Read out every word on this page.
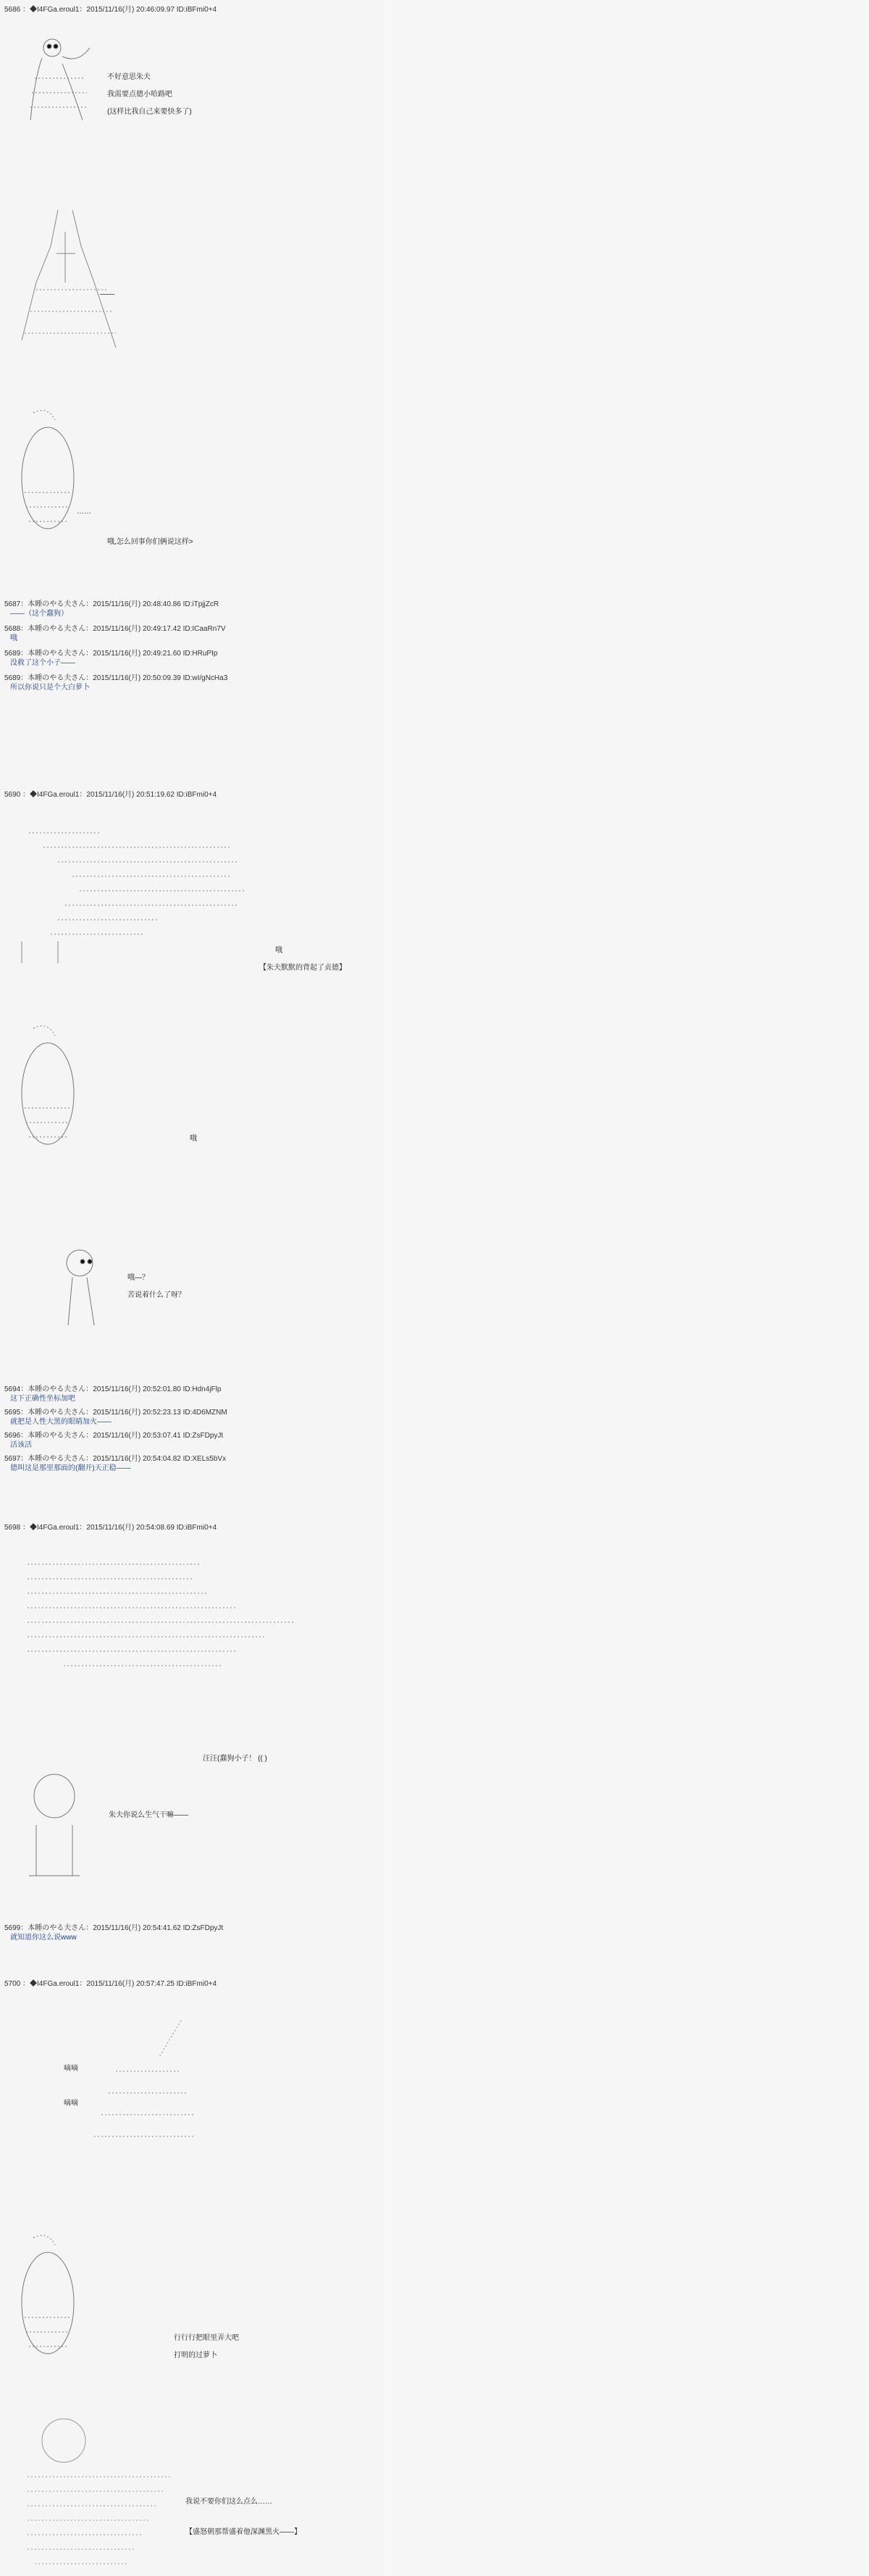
5686 ：◆I4FGa.eroul1：2015/11/16(月) 20:46:09.97 ID:iBFmi0+4
不好意思朱夫
我需要点德小哈路吧
(这样比我自己来要快多了)
——
……
哦,怎么回事你们俩说这样>
5687：本睡のやる夫さん：2015/11/16(月) 20:48:40.86 ID:iTpjjZcR
——（这个蠢狗）
5688：本睡のやる夫さん：2015/11/16(月) 20:49:17.42 ID:ICaaRn7V
哦
5689：本睡のやる夫さん：2015/11/16(月) 20:49:21.60 ID:HRuPIp
没救了这个小子——
5689：本睡のやる夫さん：2015/11/16(月) 20:50:09.39 ID:wI/gNcHa3
所以你说只是个大白萝卜
5690 ：◆I4FGa.eroul1：2015/11/16(月) 20:51:19.62 ID:iBFmi0+4
哦
【朱夫默默的背起了贞德】
哦
哦—？
苦说着什么了呀？
5694：本睡のやる夫さん：2015/11/16(月) 20:52:01.80 ID:Hdn4jFlp
这下正确性坐标加吧
5695：本睡のやる夫さん：2015/11/16(月) 20:52:23.13 ID:4D6MZNM
就把是人性大黑的眼睛加火——
5696：本睡のやる夫さん：2015/11/16(月) 20:53:07.41 ID:ZsFDpyJt
活该活
5697：本睡のやる夫さん：2015/11/16(月) 20:54:04.82 ID:XELs5bVx
德叫这是那里那面的(翻开)天正稳——
5698 ：◆I4FGa.eroul1：2015/11/16(月) 20:54:08.69 ID:iBFmi0+4
汪汪(蠢狗小子！ (( )
朱夫你说么生气干嘛——
5699：本睡のやる夫さん：2015/11/16(月) 20:54:41.62 ID:ZsFDpyJt
就知道你这么说www
5700 ：◆I4FGa.eroul1：2015/11/16(月) 20:57:47.25 ID:iBFmi0+4
嘀嘀
嘀嘀
行行行把眼里弄大吧
打明的过萝卜
我说不要你们这么点么……
【盛怒朝那帮盛着他深渊黑火——】
